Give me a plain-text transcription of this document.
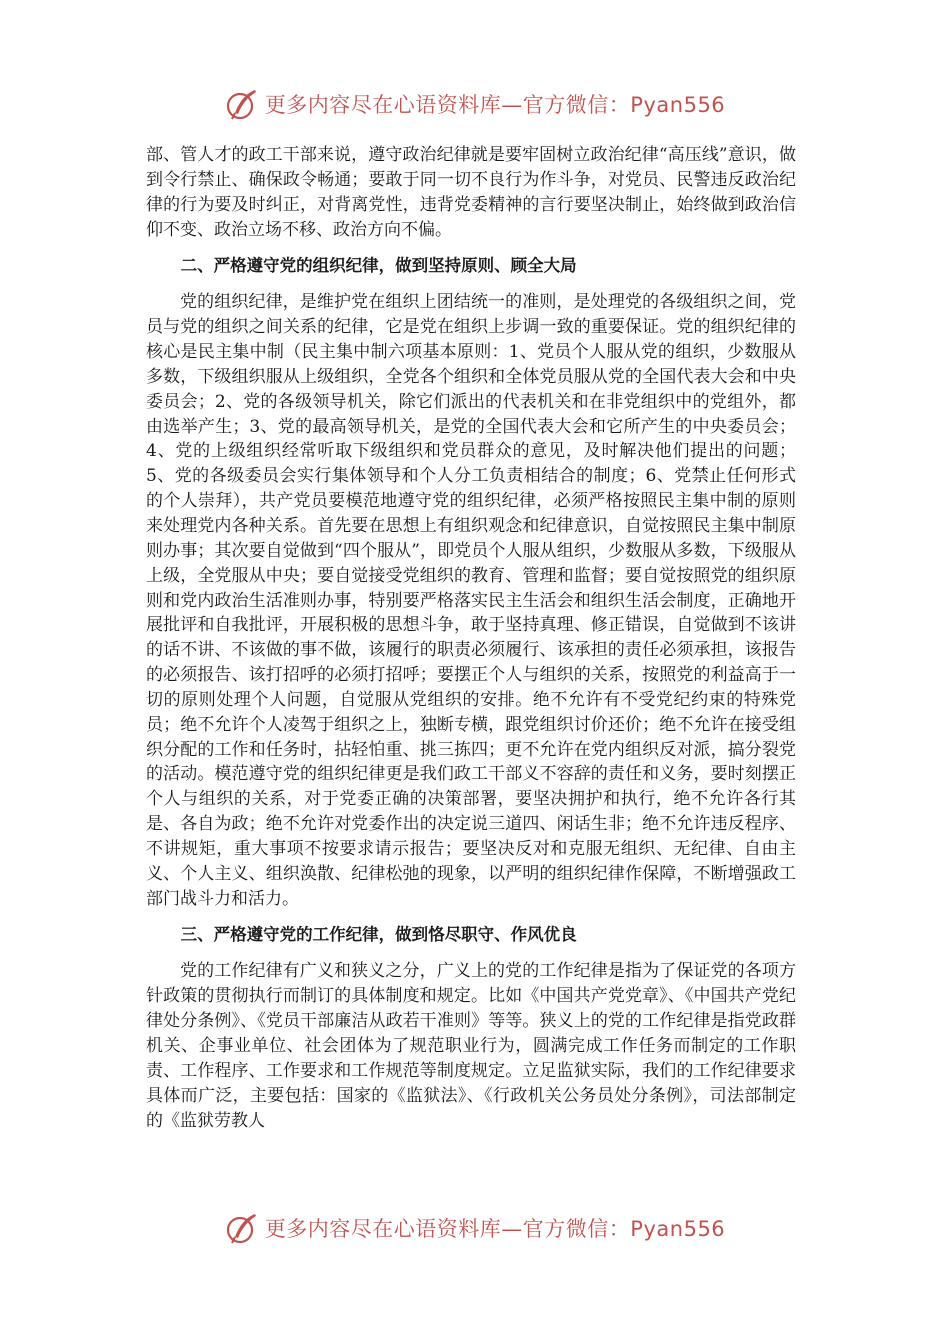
更多内容尽在心语资料库—官方微信：Pyan556

部、管人才的政工干部来说，遵守政治纪律就是要牢固树立政治纪律“高压线”意识，做到令行禁止、确保政令畅通；要敢于同一切不良行为作斗争，对党员、民警违反政治纪律的行为要及时纠正，对背离党性，违背党委精神的言行要坚决制止，始终做到政治信仰不变、政治立场不移、政治方向不偏。

二、严格遵守党的组织纪律，做到坚持原则、顾全大局

党的组织纪律，是维护党在组织上团结统一的准则，是处理党的各级组织之间，党员与党的组织之间关系的纪律，它是党在组织上步调一致的重要保证。党的组织纪律的核心是民主集中制（民主集中制六项基本原则：1、党员个人服从党的组织，少数服从多数，下级组织服从上级组织，全党各个组织和全体党员服从党的全国代表大会和中央委员会；2、党的各级领导机关，除它们派出的代表机关和在非党组织中的党组外，都由选举产生；3、党的最高领导机关，是党的全国代表大会和它所产生的中央委员会；4、党的上级组织经常听取下级组织和党员群众的意见，及时解决他们提出的问题；5、党的各级委员会实行集体领导和个人分工负责相结合的制度；6、党禁止任何形式的个人崇拜），共产党员要模范地遵守党的组织纪律，必须严格按照民主集中制的原则来处理党内各种关系。首先要在思想上有组织观念和纪律意识，自觉按照民主集中制原则办事；其次要自觉做到“四个服从”，即党员个人服从组织，少数服从多数，下级服从上级，全党服从中央；要自觉接受党组织的教育、管理和监督；要自觉按照党的组织原则和党内政治生活准则办事，特别要严格落实民主生活会和组织生活会制度，正确地开展批评和自我批评，开展积极的思想斗争，敢于坚持真理、修正错误，自觉做到不该讲的话不讲、不该做的事不做，该履行的职责必须履行、该承担的责任必须承担，该报告的必须报告、该打招呼的必须打招呼；要摆正个人与组织的关系，按照党的利益高于一切的原则处理个人问题，自觉服从党组织的安排。绝不允许有不受党纪约束的特殊党员；绝不允许个人凌驾于组织之上，独断专横，跟党组织讨价还价；绝不允许在接受组织分配的工作和任务时，拈轻怕重、挑三拣四；更不允许在党内组织反对派，搞分裂党的活动。模范遵守党的组织纪律更是我们政工干部义不容辞的责任和义务，要时刻摆正个人与组织的关系，对于党委正确的决策部署，要坚决拥护和执行，绝不允许各行其是、各自为政；绝不允许对党委作出的决定说三道四、闲话生非；绝不允许违反程序、不讲规矩，重大事项不按要求请示报告；要坚决反对和克服无组织、无纪律、自由主义、个人主义、组织涣散、纪律松弛的现象，以严明的组织纪律作保障，不断增强政工部门战斗力和活力。

三、严格遵守党的工作纪律，做到恪尽职守、作风优良

党的工作纪律有广义和狭义之分，广义上的党的工作纪律是指为了保证党的各项方针政策的贯彻执行而制订的具体制度和规定。比如《中国共产党党章》、《中国共产党纪律处分条例》、《党员干部廉洁从政若干准则》等等。狭义上的党的工作纪律是指党政群机关、企事业单位、社会团体为了规范职业行为，圆满完成工作任务而制定的工作职责、工作程序、工作要求和工作规范等制度规定。立足监狱实际，我们的工作纪律要求具体而广泛，主要包括：国家的《监狱法》、《行政机关公务员处分条例》，司法部制定的《监狱劳教人

更多内容尽在心语资料库—官方微信：Pyan556
